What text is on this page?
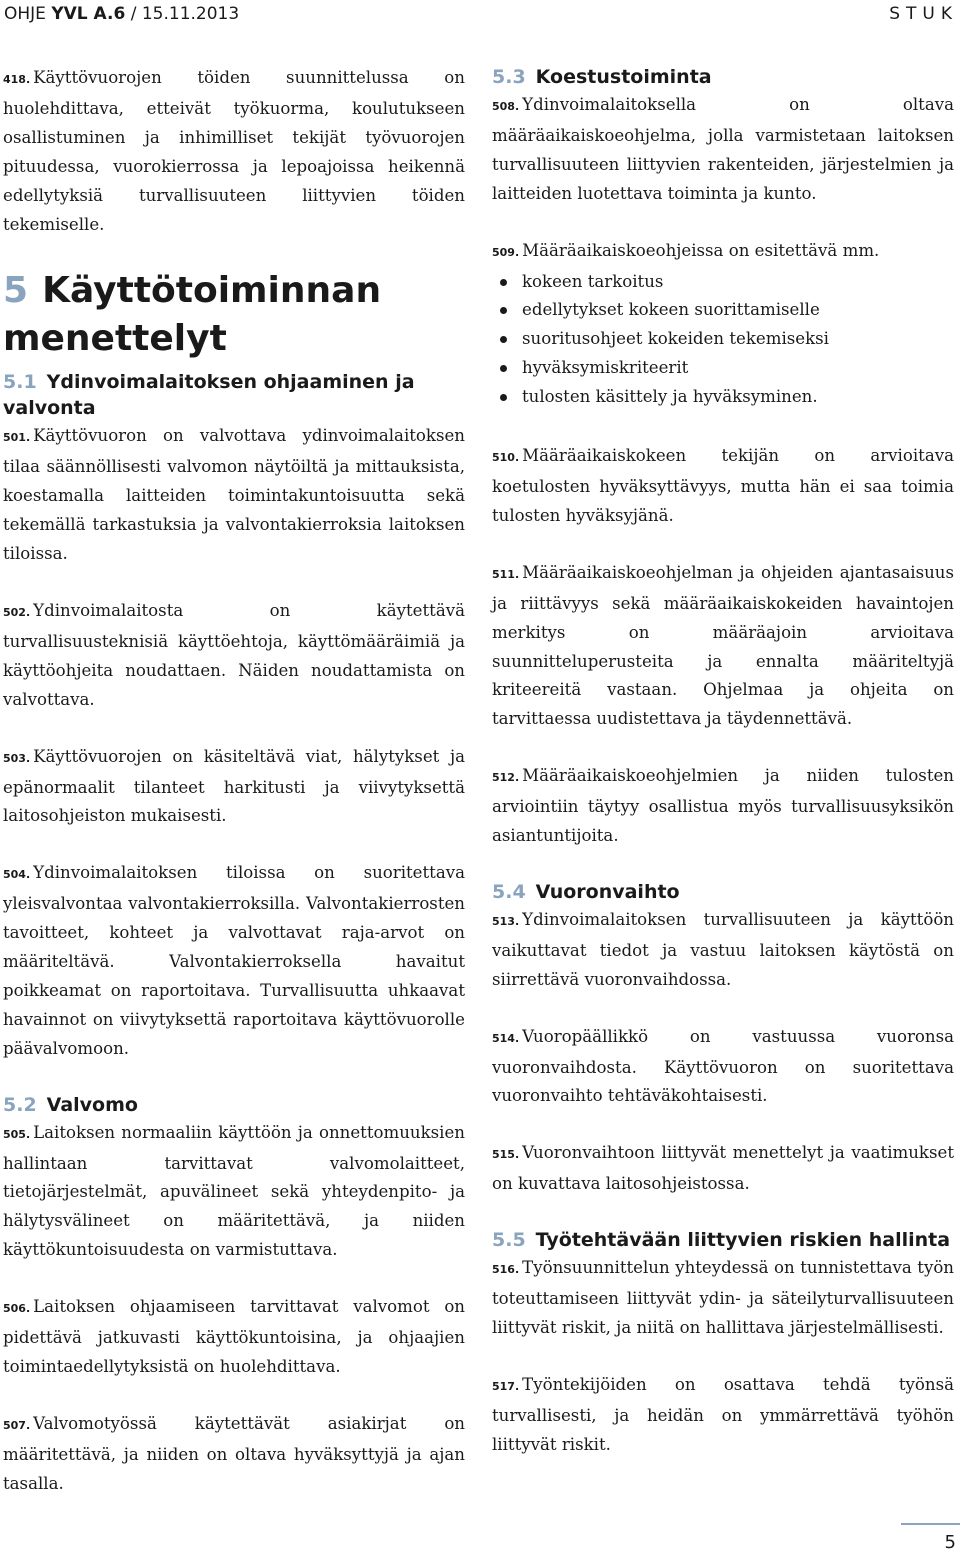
OHJE YVL A.6 / 15.11.2013	STUK

418. Käyttövuorojen töiden suunnittelussa on huolehdittava, etteivät työkuorma, koulutukseen osallistuminen ja inhimilliset tekijät työvuorojen pituudessa, vuorokierrossa ja lepoajoissa heikennä edellytyksiä turvallisuuteen liittyvien töiden tekemiselle.

5 Käyttötoiminnan menettelyt
5.1 Ydinvoimalaitoksen ohjaaminen ja valvonta

501. Käyttövuoron on valvottava ydinvoimalaitoksen tilaa säännöllisesti valvomon näytöiltä ja mittauksista, koestamalla laitteiden toimintakuntoisuutta sekä tekemällä tarkastuksia ja valvontakierroksia laitoksen tiloissa.

502. Ydinvoimalaitosta on käytettävä turvallisuusteknisiä käyttöehtoja, käyttömääräimiä ja käyttöohjeita noudattaen. Näiden noudattamista on valvottava.

503. Käyttövuorojen on käsiteltävä viat, hälytykset ja epänormaalit tilanteet harkitusti ja viivytyksettä laitosohjeiston mukaisesti.

504. Ydinvoimalaitoksen tiloissa on suoritettava yleisvalvontaa valvontakierroksilla. Valvontakierrosten tavoitteet, kohteet ja valvottavat raja-arvot on määriteltävä. Valvontakierroksella havaitut poikkeamat on raportoitava. Turvallisuutta uhkaavat havainnot on viivytyksettä raportoitava käyttövuorolle päävalvomoon.

5.2 Valvomo

505. Laitoksen normaaliin käyttöön ja onnettomuuksien hallintaan tarvittavat valvomolaitteet, tietojärjestelmät, apuvälineet sekä yhteydenpito- ja hälytysvälineet on määritettävä, ja niiden käyttökuntoisuudesta on varmistuttava.

506. Laitoksen ohjaamiseen tarvittavat valvomot on pidettävä jatkuvasti käyttökuntoisina, ja ohjaajien toimintaedellytyksistä on huolehdittava.

507. Valvomotyössä käytettävät asiakirjat on määritettävä, ja niiden on oltava hyväksyttyjä ja ajan tasalla.

5.3 Koestustoiminta

508. Ydinvoimalaitoksella on oltava määräaikaiskoeohjelma, jolla varmistetaan laitoksen turvallisuuteen liittyvien rakenteiden, järjestelmien ja laitteiden luotettava toiminta ja kunto.

509. Määräaikaiskoeohjeissa on esitettävä mm.

kokeen tarkoitus
edellytykset kokeen suorittamiselle
suoritusohjeet kokeiden tekemiseksi
hyväksymiskriteerit
tulosten käsittely ja hyväksyminen.

510. Määräaikaiskokeen tekijän on arvioitava koetulosten hyväksyttävyys, mutta hän ei saa toimia tulosten hyväksyjänä.

511. Määräaikaiskoeohjelman ja ohjeiden ajantasaisuus ja riittävyys sekä määräaikaiskokeiden havaintojen merkitys on määräajoin arvioitava suunnitteluperusteita ja ennalta määriteltyjä kriteereitä vastaan. Ohjelmaa ja ohjeita on tarvittaessa uudistettava ja täydennettävä.

512. Määräaikaiskoeohjelmien ja niiden tulosten arviointiin täytyy osallistua myös turvallisuusyksikön asiantuntijoita.

5.4 Vuoronvaihto

513. Ydinvoimalaitoksen turvallisuuteen ja käyttöön vaikuttavat tiedot ja vastuu laitoksen käytöstä on siirrettävä vuoronvaihdossa.

514. Vuoropäällikkö on vastuussa vuoronsa vuoronvaihdosta. Käyttövuoron on suoritettava vuoronvaihto tehtäväkohtaisesti.

515. Vuoronvaihtoon liittyvät menettelyt ja vaatimukset on kuvattava laitosohjeistossa.

5.5 Työtehtävään liittyvien riskien hallinta

516. Työnsuunnittelun yhteydessä on tunnistettava työn toteuttamiseen liittyvät ydin- ja säteilyturvallisuuteen liittyvät riskit, ja niitä on hallittava järjestelmällisesti.

517. Työntekijöiden on osattava tehdä työnsä turvallisesti, ja heidän on ymmärrettävä työhön liittyvät riskit.

5
